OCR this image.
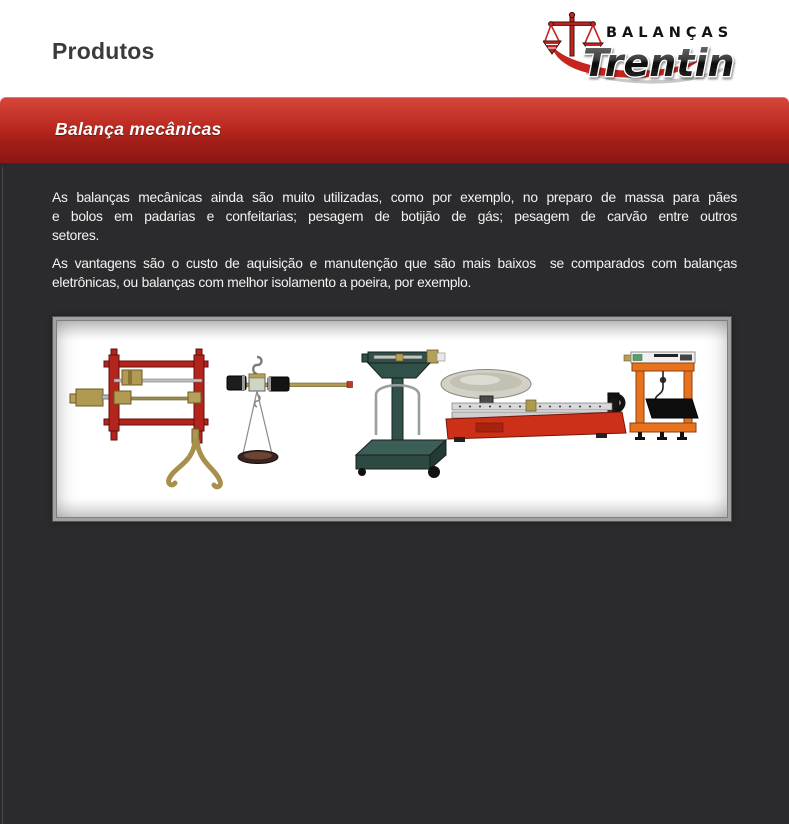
Produtos
BALANÇAS
Trentin
Balança mecânicas
As balanças mecânicas ainda são muito utilizadas, como por exemplo, no preparo de massa para pães
e bolos em padarias e confeitarias; pesagem de botijão de gás; pesagem de carvão entre outros
setores.
As vantagens são o custo de aquisição e manutenção que são mais baixos  se comparados com balanças
eletrônicas, ou balanças com melhor isolamento a poeira, por exemplo.
